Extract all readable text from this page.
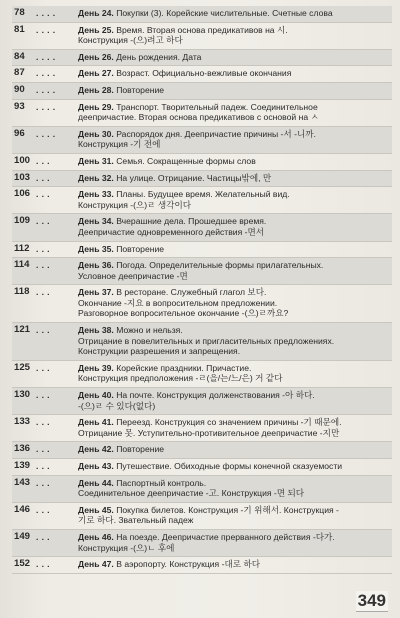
78	. . . .	День 24. Покупки (3). Корейские числительные. Счетные слова
81	. . . .	День 25. Время. Вторая основа предикативов на 시.
Конструкция -(으)려고 하다
84	. . . .	День 26. День рождения. Дата
87	. . . .	День 27. Возраст. Официально-вежливые окончания
90	. . . .	День 28. Повторение
93	. . . .	День 29. Транспорт. Творительный падеж. Соединительное
деепричастие. Вторая основа предикативов с основой на ㅅ
96	. . . .	День 30. Распорядок дня. Деепричастие причины -서 -니까.
Конструкция -기 전에
100 . . .	День 31. Семья. Сокращенные формы слов
103 . . .	День 32. На улице. Отрицание. Частицы밖에, 만
106 . . .	День 33. Планы. Будущее время. Желательный вид.
Конструкция -(으)ㄹ 생각이다
109 . . .	День 34. Вчерашние дела. Прошедшее время.
Деепричастие одновременного действия -면서
112 . . .	День 35. Повторение
114 . . .	День 36. Погода. Определительные формы прилагательных.
Условное деепричастие -면
118 . . .	День 37. В ресторане. Служебный глагол 보다.
Окончание -지요 в вопросительном предложении.
Разговорное вопросительное окончание -(으)ㄹ까요?
121 . . .	День 38. Можно и нельзя.
Отрицание в повелительных и пригласительных предложениях.
Конструкции разрешения и запрещения.
125 . . .	День 39. Корейские праздники. Причастие.
Конструкция предположения -ㄹ(을/는/느/은) 거 같다
130 . . .	День 40. На почте. Конструкция долженствования -아 하다.
-(으)ㄹ 수 있다(없다)
133 . . .	День 41. Переезд. Конструкция со значением причины -기 때문에.
Отрицание 못. Уступительно-противительное деепричастие -지만
136 . . .	День 42. Повторение
139 . . .	День 43. Путешествие. Обиходные формы конечной сказуемости
143 . . .	День 44. Паспортный контроль.
Соединительное деепричастие -고. Конструкция -면 되다
146 . . .	День 45. Покупка билетов. Конструкция -기 위해서. Конструкция -
기로 하다. Звательный падеж
149 . . .	День 46. На поезде. Деепричастие прерванного действия -다가.
Конструкция -(으)ㄴ 후에
152 . . .	День 47. В аэропорту. Конструкция -대로 하다
349
